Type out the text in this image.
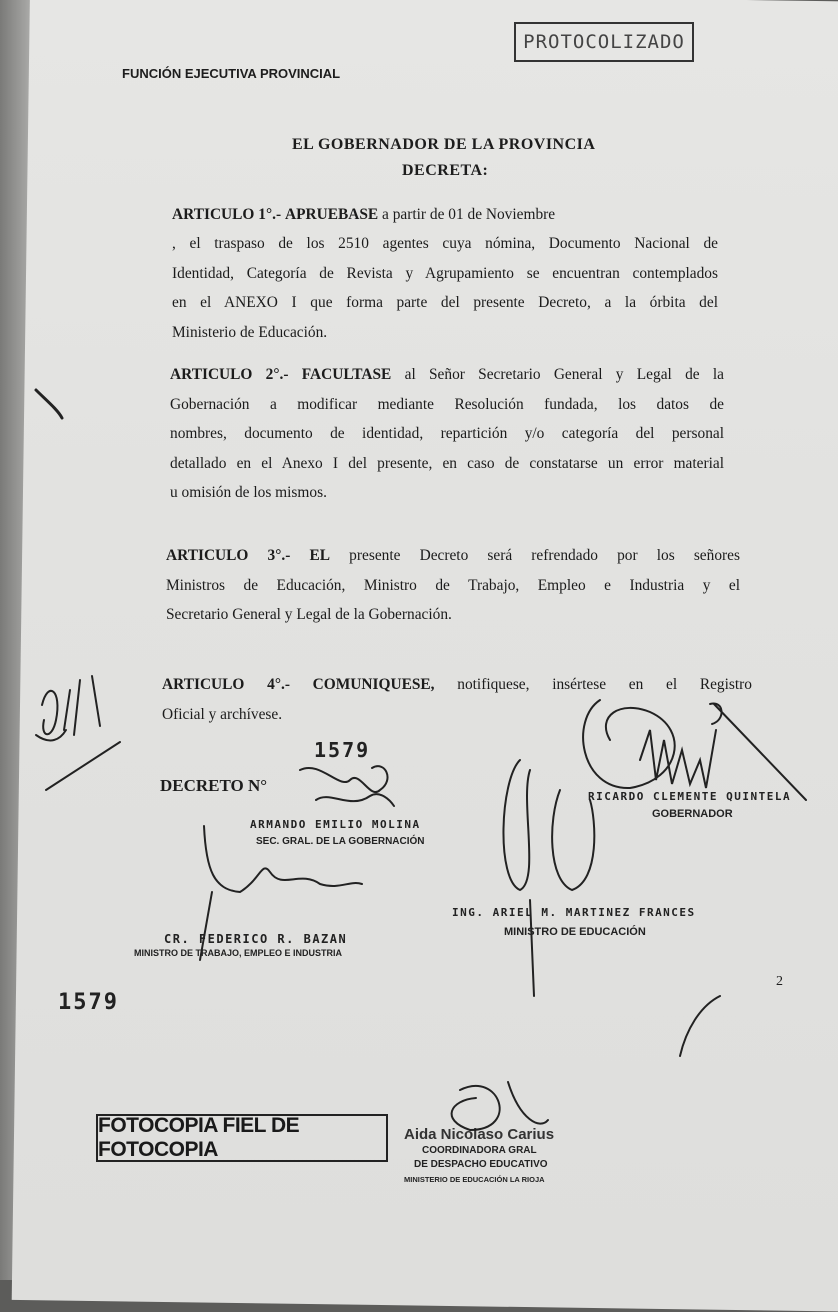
PROTOCOLIZADO
FUNCIÓN EJECUTIVA PROVINCIAL
EL GOBERNADOR DE LA PROVINCIA
DECRETA:
ARTICULO 1°.- APRUEBASE a partir de 01 de Noviembre
, el traspaso de los 2510 agentes cuya nómina, Documento Nacional de
Identidad, Categoría de Revista y Agrupamiento se encuentran contemplados
en el ANEXO I que forma parte del presente Decreto, a la órbita del
Ministerio de Educación.
ARTICULO 2°.- FACULTASE al Señor Secretario General y Legal de la
Gobernación a modificar mediante Resolución fundada, los datos de
nombres, documento de identidad, repartición y/o categoría del personal
detallado en el Anexo I del presente, en caso de constatarse un error material
u omisión de los mismos.
ARTICULO 3°.- EL presente Decreto será refrendado por los señores
Ministros de Educación, Ministro de Trabajo, Empleo e Industria y el
Secretario General y Legal de la Gobernación.
ARTICULO 4°.- COMUNIQUESE, notifiquese, insértese en el Registro
Oficial y archívese.
DECRETO N°
1579
1579
ARMANDO EMILIO MOLINA
SEC. GRAL. DE LA GOBERNACIÓN
RICARDO CLEMENTE QUINTELA
GOBERNADOR
CR. FEDERICO R. BAZAN
MINISTRO DE TRABAJO, EMPLEO E INDUSTRIA
ING. ARIEL M. MARTINEZ FRANCES
MINISTRO DE EDUCACIÓN
2
FOTOCOPIA FIEL DE FOTOCOPIA
Aida Nicolaso Carius
COORDINADORA GRAL
DE DESPACHO EDUCATIVO
MINISTERIO DE EDUCACIÓN LA RIOJA
